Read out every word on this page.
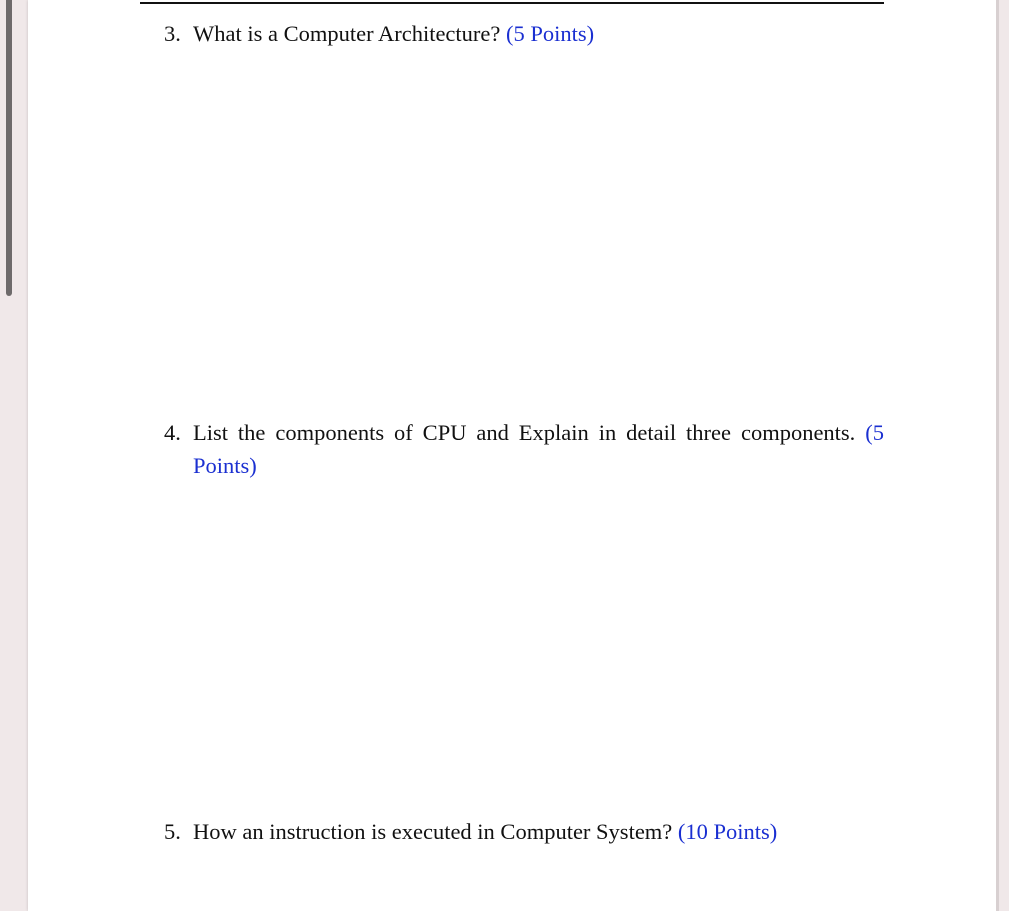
3. What is a Computer Architecture? (5 Points)
4. List the components of CPU and Explain in detail three components. (5 Points)
5. How an instruction is executed in Computer System? (10 Points)
